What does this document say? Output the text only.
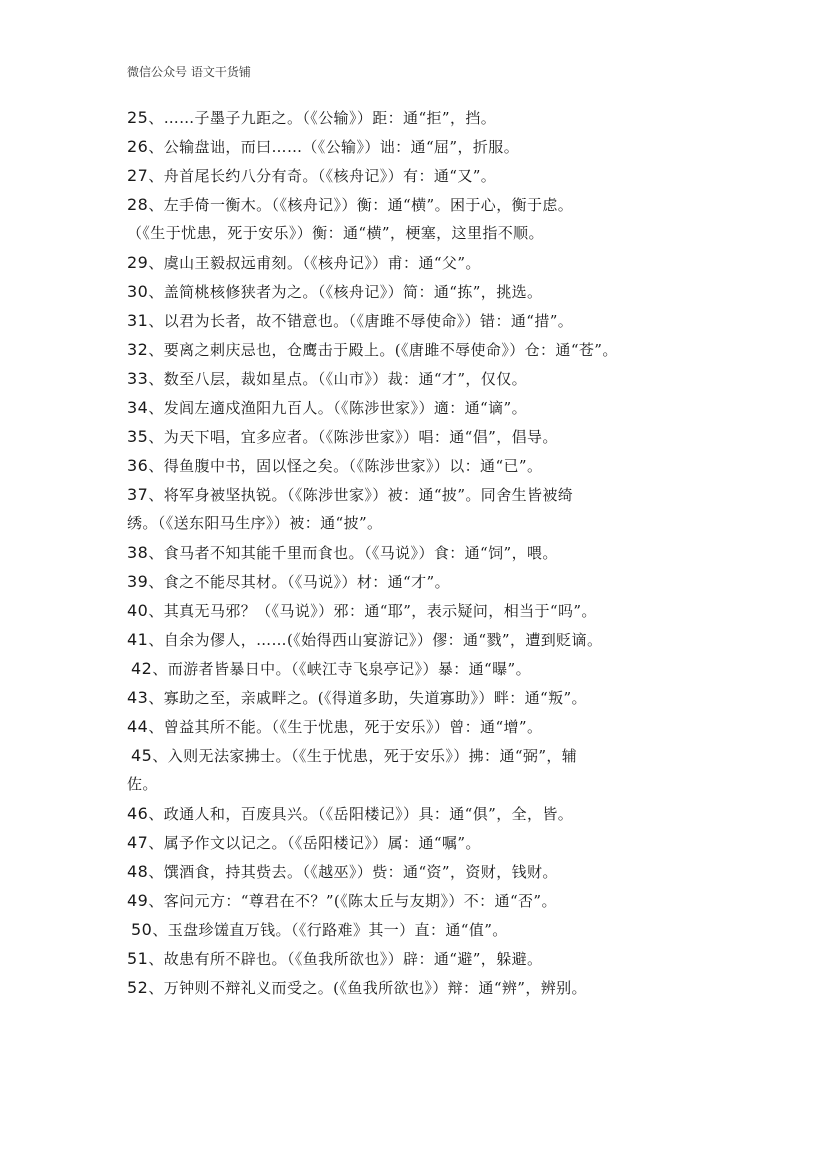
微信公众号 语文干货铺
25、……子墨子九距之。（《公输》）距：通“拒”，挡。
26、公输盘诎，而曰……（《公输》）诎：通“屈”，折服。
27、舟首尾长约八分有奇。（《核舟记》）有：通“又”。
28、左手倚一衡木。（《核舟记》）衡：通“横”。困于心，衡于虑。
（《生于忧患，死于安乐》）衡：通“横”，梗塞，这里指不顺。
29、虞山王毅叔远甫刻。（《核舟记》）甫：通“父”。
30、盖简桃核修狭者为之。（《核舟记》）简：通“拣”，挑选。
31、以君为长者，故不错意也。（《唐雎不辱使命》）错：通“措”。
32、要离之刺庆忌也，仓鹰击于殿上。(《唐雎不辱使命》）仓：通“苍”。
33、数至八层，裁如星点。（《山市》）裁：通“才”，仅仅。
34、发闾左適戍渔阳九百人。（《陈涉世家》）適：通“谪”。
35、为天下唱，宜多应者。（《陈涉世家》）唱：通“倡”，倡导。
36、得鱼腹中书，固以怪之矣。（《陈涉世家》）以：通“已”。
37、将军身被坚执锐。（《陈涉世家》）被：通“披”。同舍生皆被绮
绣。（《送东阳马生序》）被：通“披”。
38、食马者不知其能千里而食也。（《马说》）食：通“饲”，喂。
39、食之不能尽其材。（《马说》）材：通“才”。
40、其真无马邪？（《马说》）邪：通“耶”，表示疑问，相当于“吗”。
41、自余为僇人，……(《始得西山宴游记》）僇：通“戮”，遭到贬谪。
42、而游者皆暴日中。（《峡江寺飞泉亭记》）暴：通“曝”。
43、寡助之至，亲戚畔之。(《得道多助，失道寡助》）畔：通“叛”。
44、曾益其所不能。（《生于忧患，死于安乐》）曾：通“增”。
45、入则无法家拂士。（《生于忧患，死于安乐》）拂：通“弼”，辅
佐。
46、政通人和，百废具兴。（《岳阳楼记》）具：通“俱”，全，皆。
47、属予作文以记之。（《岳阳楼记》）属：通“嘱”。
48、馔酒食，持其赀去。（《越巫》）赀：通“资”，资财，钱财。
49、客问元方：“尊君在不？”(《陈太丘与友期》）不：通“否”。
50、玉盘珍馐直万钱。（《行路难》其一）直：通“值”。
51、故患有所不辟也。（《鱼我所欲也》）辟：通“避”，躲避。
52、万钟则不辩礼义而受之。(《鱼我所欲也》）辩：通“辨”，辨别。
